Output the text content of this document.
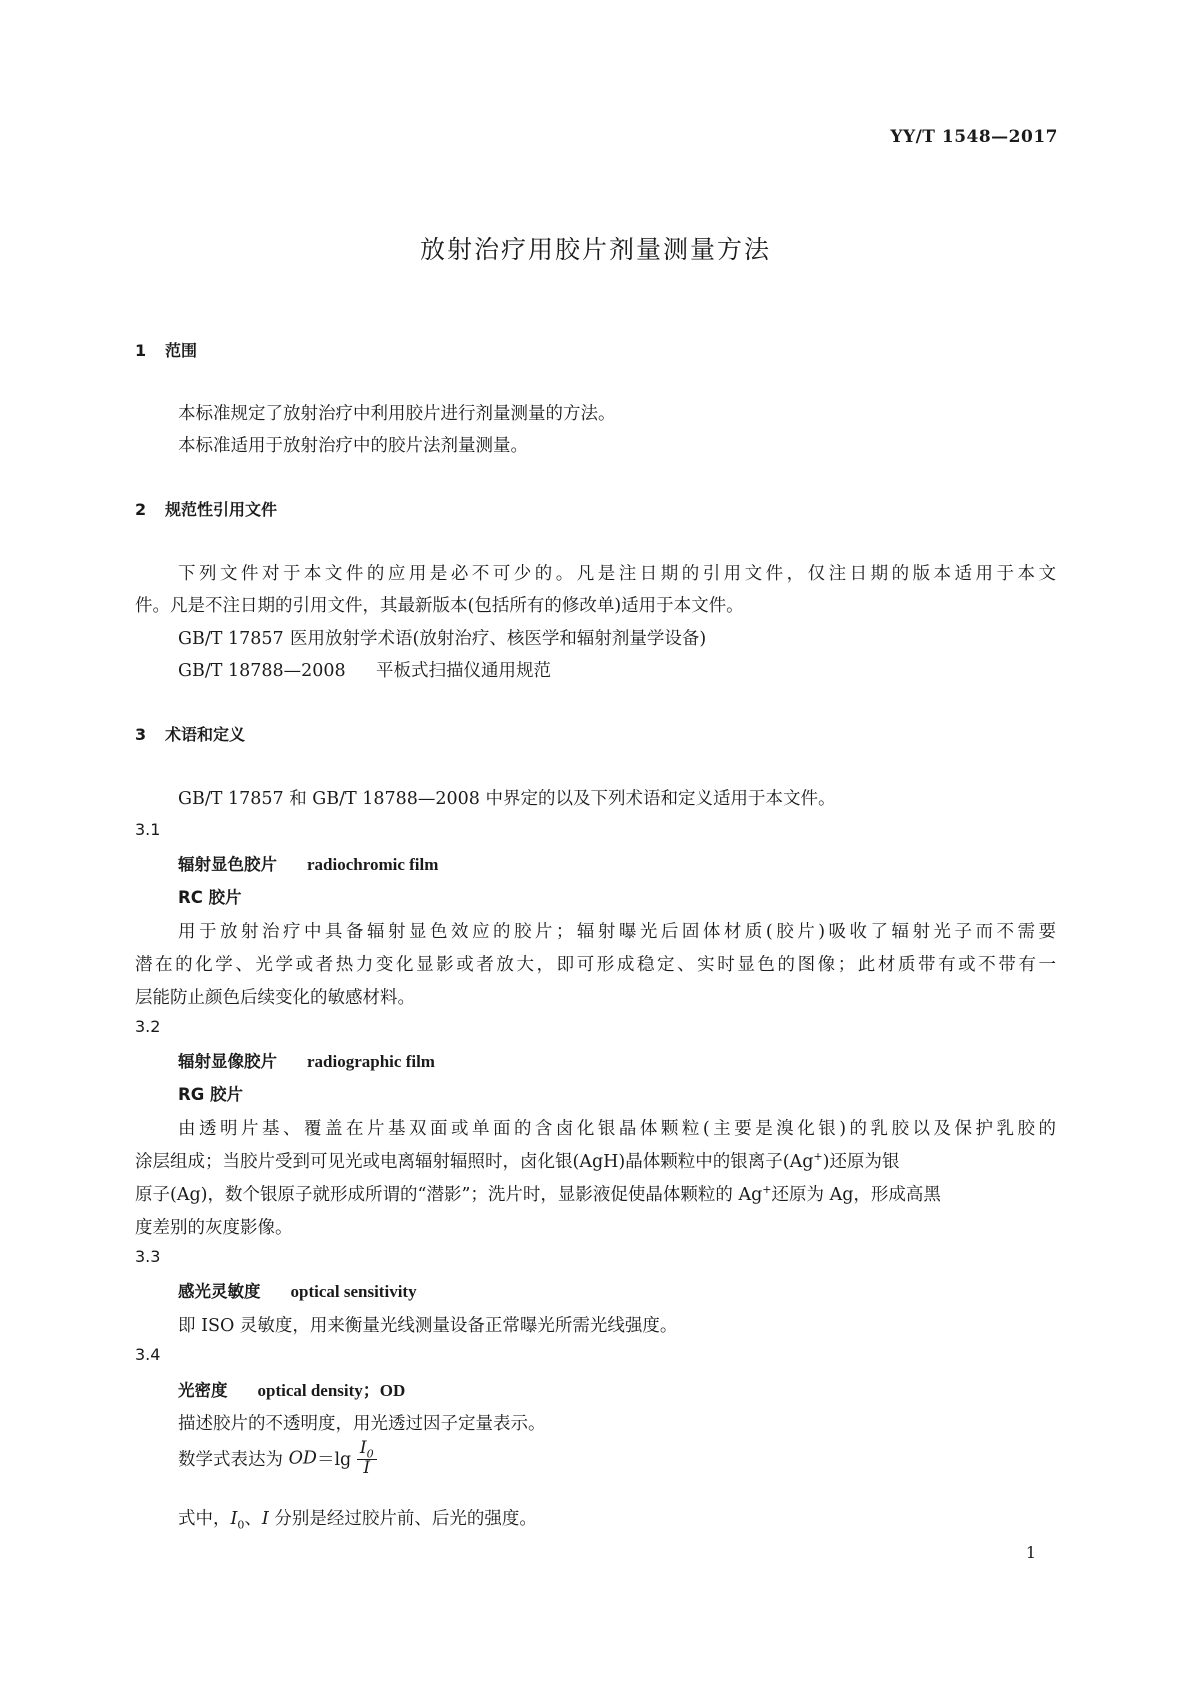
YY/T 1548—2017
放射治疗用胶片剂量测量方法
1 范围
本标准规定了放射治疗中利用胶片进行剂量测量的方法。
本标准适用于放射治疗中的胶片法剂量测量。
2 规范性引用文件
下列文件对于本文件的应用是必不可少的。凡是注日期的引用文件，仅注日期的版本适用于本文
件。凡是不注日期的引用文件，其最新版本(包括所有的修改单)适用于本文件。
GB/T 17857 医用放射学术语(放射治疗、核医学和辐射剂量学设备)
GB/T 18788—2008 平板式扫描仪通用规范
3 术语和定义
GB/T 17857 和 GB/T 18788—2008 中界定的以及下列术语和定义适用于本文件。
3.1
辐射显色胶片 radiochromic film
RC 胶片
用于放射治疗中具备辐射显色效应的胶片；辐射曝光后固体材质(胶片)吸收了辐射光子而不需要
潜在的化学、光学或者热力变化显影或者放大，即可形成稳定、实时显色的图像；此材质带有或不带有一
层能防止颜色后续变化的敏感材料。
3.2
辐射显像胶片 radiographic film
RG 胶片
由透明片基、覆盖在片基双面或单面的含卤化银晶体颗粒(主要是溴化银)的乳胶以及保护乳胶的
涂层组成；当胶片受到可见光或电离辐射辐照时，卤化银(AgH)晶体颗粒中的银离子(Ag+)还原为银
原子(Ag)，数个银原子就形成所谓的“潜影”；洗片时，显影液促使晶体颗粒的 Ag+还原为 Ag，形成高黑
度差别的灰度影像。
3.3
感光灵敏度 optical sensitivity
即 ISO 灵敏度，用来衡量光线测量设备正常曝光所需光线强度。
3.4
光密度 optical density；OD
描述胶片的不透明度，用光透过因子定量表示。
数学式表达为 $OD=\lg \frac{I_0}{I}$
式中，$I_0$、I 分别是经过胶片前、后光的强度。
1
